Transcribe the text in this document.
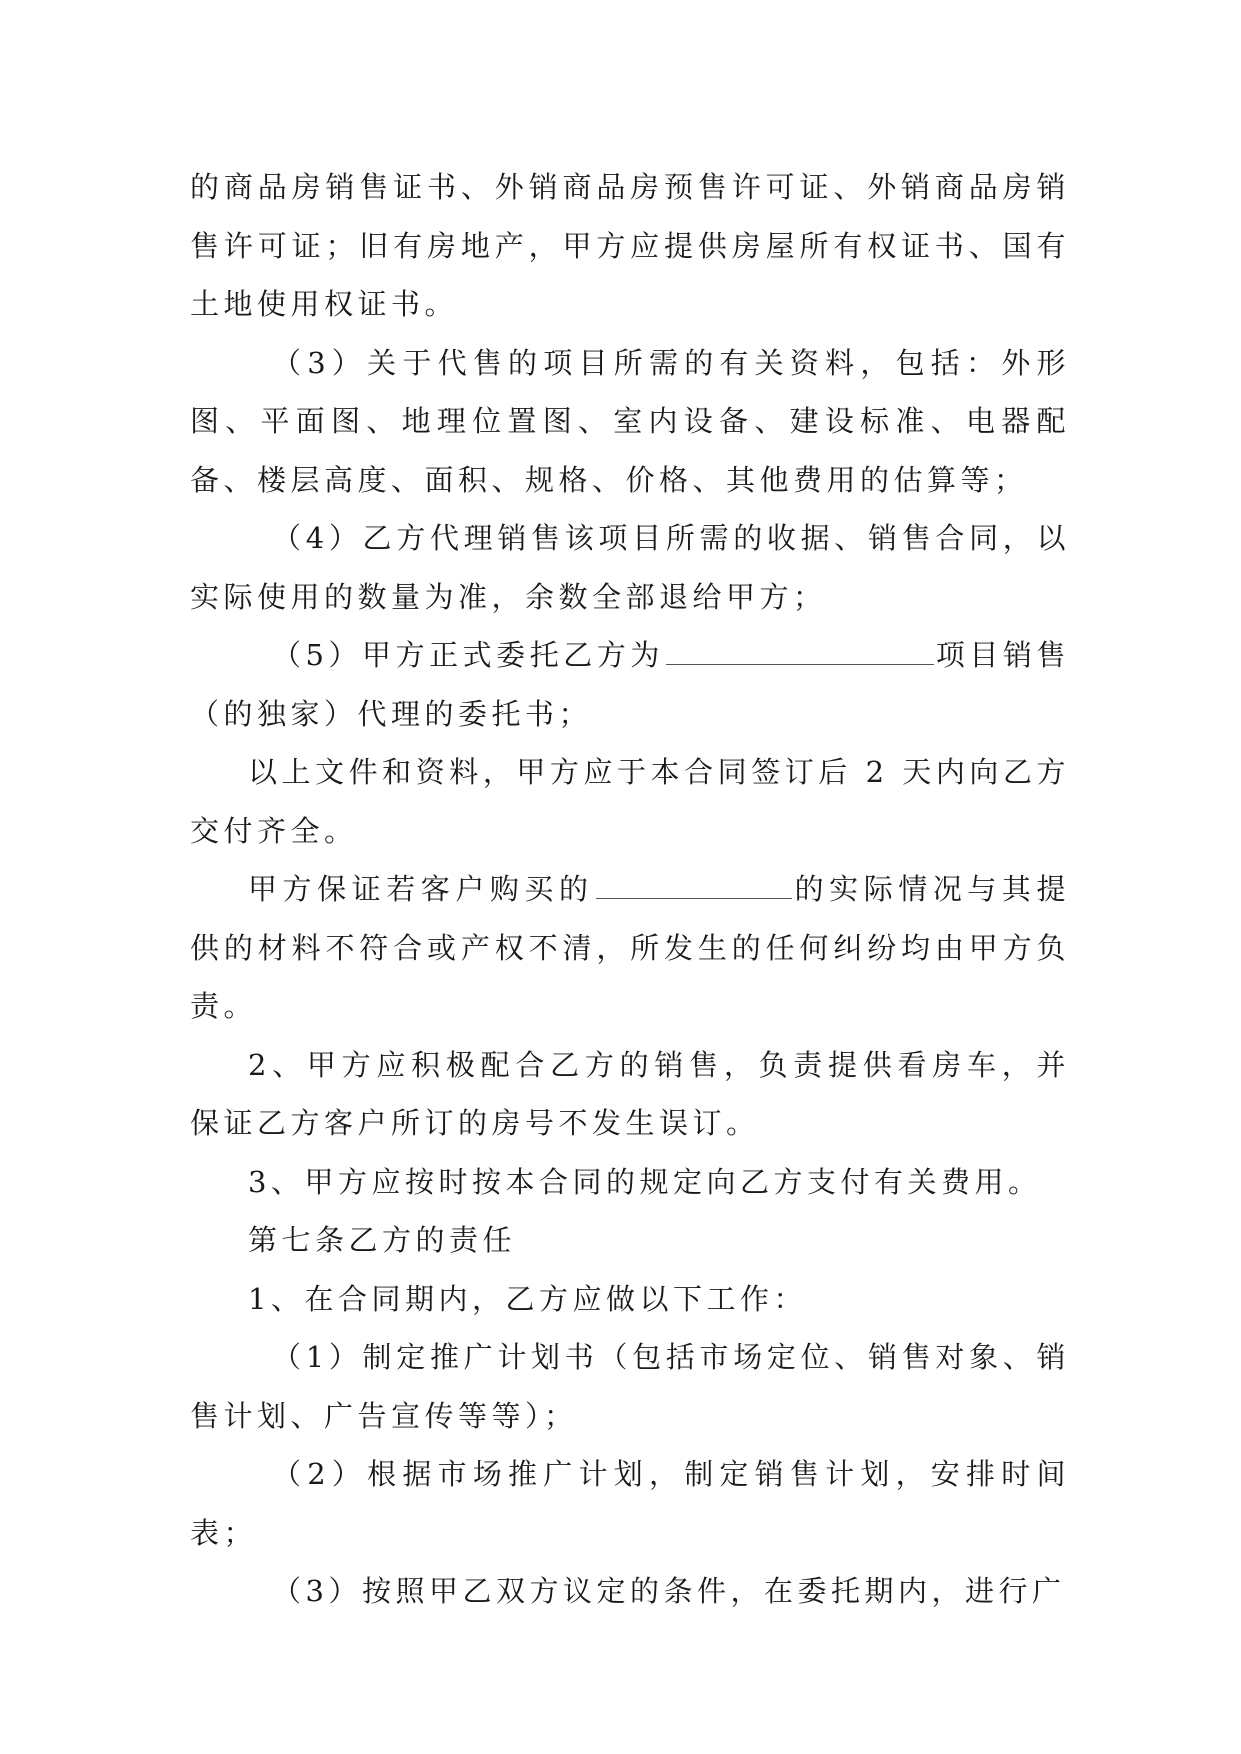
的商品房销售证书、外销商品房预售许可证、外销商品房销售许可证；旧有房地产，甲方应提供房屋所有权证书、国有土地使用权证书。

（3）关于代售的项目所需的有关资料，包括：外形图、平面图、地理位置图、室内设备、建设标准、电器配备、楼层高度、面积、规格、价格、其他费用的估算等；

（4）乙方代理销售该项目所需的收据、销售合同，以实际使用的数量为准，余数全部退给甲方；

（5）甲方正式委托乙方为	项目销售（的独家）代理的委托书；

以上文件和资料，甲方应于本合同签订后 2 天内向乙方交付齐全。

甲方保证若客户购买的	的实际情况与其提供的材料不符合或产权不清，所发生的任何纠纷均由甲方负责。

2、甲方应积极配合乙方的销售，负责提供看房车，并保证乙方客户所订的房号不发生误订。

3、甲方应按时按本合同的规定向乙方支付有关费用。

第七条乙方的责任

1、在合同期内，乙方应做以下工作：

（1）制定推广计划书（包括市场定位、销售对象、销售计划、广告宣传等等）；

（2）根据市场推广计划，制定销售计划，安排时间表；

（3）按照甲乙双方议定的条件，在委托期内，进行广
